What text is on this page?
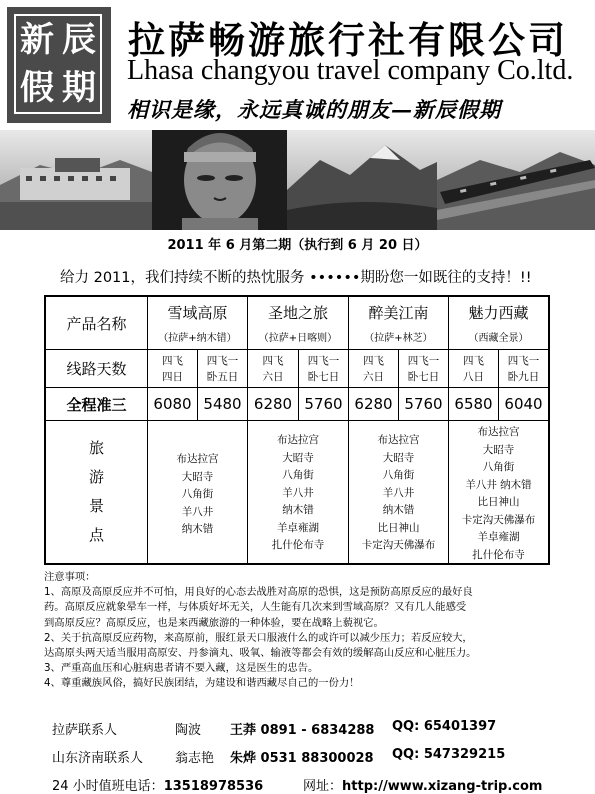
新 辰
假 期
拉萨畅游旅行社有限公司
Lhasa changyou travel company Co.ltd.
相识是缘，永远真诚的朋友—新辰假期
2011 年 6 月第二期（执行到 6 月 20 日）
给力 2011，我们持续不断的热忱服务 ••••••期盼您一如既往的支持！!!
产品名称
线路天数
全程准三
旅
游
景
点
雪域高原
（拉萨+纳木错）
四飞
四日
四飞一
卧五日
6080 5480
布达拉宫
大昭寺
八角街
羊八井
纳木错
圣地之旅
（拉萨+日喀则）
四飞
六日
四飞一
卧七日
6280 5760
布达拉宫
大昭寺
八角街
羊八井
纳木错
羊卓雍湖
扎什伦布寺
醉美江南
（拉萨+林芝）
四飞
六日
四飞一
卧七日
6280 5760
布达拉宫
大昭寺
八角街
羊八井
纳木错
比日神山
卡定沟天佛瀑布
魅力西藏
（西藏全景）
四飞
八日
四飞一
卧九日
6580 6040
布达拉宫
大昭寺
八角街
羊八井 纳木错
比日神山
卡定沟天佛瀑布
羊卓雍湖
扎什伦布寺
注意事项：
1、高原及高原反应并不可怕，用良好的心态去战胜对高原的恐惧，这是预防高原反应的最好良
药。高原反应就象晕车一样，与体质好坏无关，人生能有几次来到雪域高原？又有几人能感受
到高原反应？高原反应，也是来西藏旅游的一种体验，要在战略上藐视它。
2、关于抗高原反应药物，来高原前，服红景天口服液什么的或许可以减少压力；若反应较大，
达高原头两天适当服用高原安、丹参滴丸、吸氧、输液等都会有效的缓解高山反应和心脏压力。
3、严重高血压和心脏病患者请不要入藏，这是医生的忠告。
4、尊重藏族风俗，搞好民族团结，为建设和谐西藏尽自己的一份力！
拉萨联系人	陶波 王莽 0891 - 6834288 QQ: 65401397
山东济南联系人 翁志艳 朱烨 0531 88300028 QQ: 547329215
24 小时值班电话：13518978536	网址：http://www.xizang-trip.com
